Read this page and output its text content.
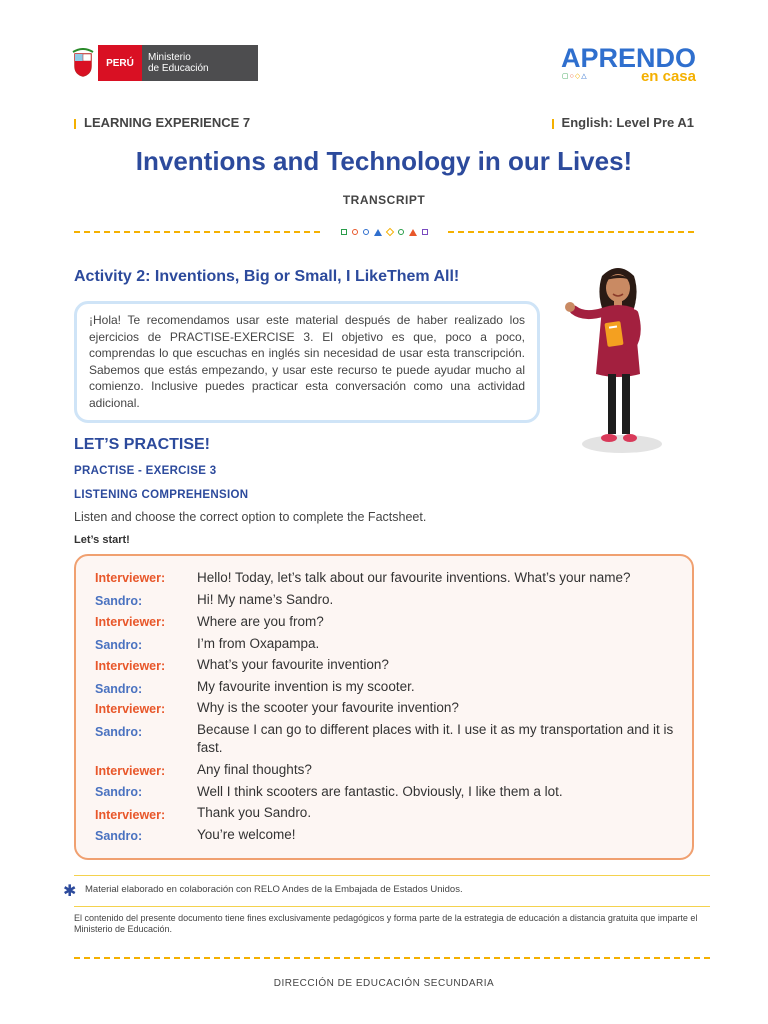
PERÚ	Ministerio
de Educación	APRENDO
en casa
▢○◇△
LEARNING EXPERIENCE 7	English: Level Pre A1
Inventions and Technology in our Lives!
TRANSCRIPT
Activity 2: Inventions, Big or Small, I LikeThem All!
¡Hola! Te recomendamos usar este material después de haber realizado los ejercicios de PRACTISE-EXERCISE 3. El objetivo es que, poco a poco, comprendas lo que escuchas en inglés sin necesidad de usar esta transcripción. Sabemos que estás empezando, y usar este recurso te puede ayudar mucho al comienzo. Inclusive puedes practicar esta conversación como una actividad adicional.
LET’S PRACTISE!
PRACTISE - EXERCISE 3
LISTENING COMPREHENSION
Listen and choose the correct option to complete the Factsheet.
Let’s start!
Interviewer: Hello! Today, let’s talk about our favourite inventions. What’s your name?
Sandro:	Hi! My name’s Sandro.
Interviewer: Where are you from?
Sandro:	I’m from Oxapampa.
Interviewer: What’s your favourite invention?
Sandro:	My favourite invention is my scooter.
Interviewer: Why is the scooter your favourite invention?
Sandro:	Because I can go to different places with it. I use it as my transportation and it is fast.
Interviewer: Any final thoughts?
Sandro:	Well I think scooters are fantastic. Obviously, I like them a lot.
Interviewer: Thank you Sandro.
Sandro:	You’re welcome!
✱ Material elaborado en colaboración con RELO Andes de la Embajada de Estados Unidos.
El contenido del presente documento tiene fines exclusivamente pedagógicos y forma parte de la estrategia de educación a distancia gratuita que imparte el Ministerio de Educación.
DIRECCIÓN DE EDUCACIÓN SECUNDARIA
